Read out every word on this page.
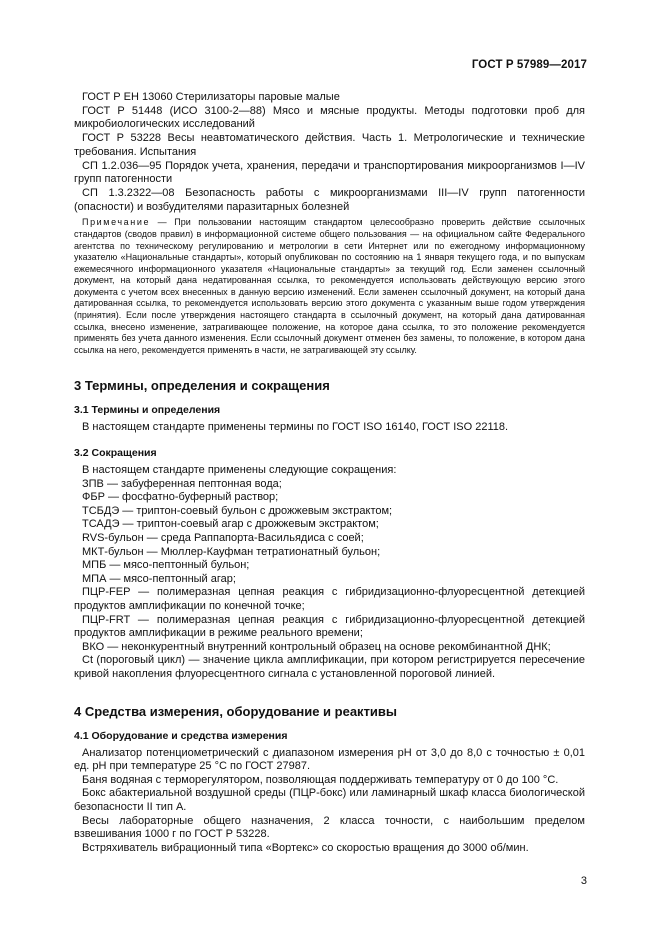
ГОСТ Р 57989—2017

ГОСТ Р ЕН 13060 Стерилизаторы паровые малые

ГОСТ Р 51448 (ИСО 3100-2—88) Мясо и мясные продукты. Методы подготовки проб для микробиологических исследований

ГОСТ Р 53228 Весы неавтоматического действия. Часть 1. Метрологические и технические требования. Испытания

СП 1.2.036—95 Порядок учета, хранения, передачи и транспортирования микроорганизмов I—IV групп патогенности

СП 1.3.2322—08 Безопасность работы с микроорганизмами III—IV групп патогенности (опасности) и возбудителями паразитарных болезней

Примечание — При пользовании настоящим стандартом целесообразно проверить действие ссылочных стандартов (сводов правил) в информационной системе общего пользования — на официальном сайте Федерального агентства по техническому регулированию и метрологии в сети Интернет или по ежегодному информационному указателю «Национальные стандарты», который опубликован по состоянию на 1 января текущего года, и по выпускам ежемесячного информационного указателя «Национальные стандарты» за текущий год. Если заменен ссылочный документ, на который дана недатированная ссылка, то рекомендуется использовать действующую версию этого документа с учетом всех внесенных в данную версию изменений. Если заменен ссылочный документ, на который дана датированная ссылка, то рекомендуется использовать версию этого документа с указанным выше годом утверждения (принятия). Если после утверждения настоящего стандарта в ссылочный документ, на который дана датированная ссылка, внесено изменение, затрагивающее положение, на которое дана ссылка, то это положение рекомендуется применять без учета данного изменения. Если ссылочный документ отменен без замены, то положение, в котором дана ссылка на него, рекомендуется применять в части, не затрагивающей эту ссылку.

3 Термины, определения и сокращения

3.1 Термины и определения

В настоящем стандарте применены термины по ГОСТ ISO 16140, ГОСТ ISO 22118.

3.2 Сокращения

В настоящем стандарте применены следующие сокращения:

ЗПВ — забуференная пептонная вода;

ФБР — фосфатно-буферный раствор;

ТСБДЭ — триптон-соевый бульон с дрожжевым экстрактом;

ТСАДЭ — триптон-соевый агар с дрожжевым экстрактом;

RVS-бульон — среда Раппапорта-Васильядиса с соей;

МКТ-бульон — Мюллер-Кауфман тетратионатный бульон;

МПБ — мясо-пептонный бульон;

МПА — мясо-пептонный агар;

ПЦР-FEP — полимеразная цепная реакция с гибридизационно-флуоресцентной детекцией продуктов амплификации по конечной точке;

ПЦР-FRT — полимеразная цепная реакция с гибридизационно-флуоресцентной детекцией продуктов амплификации в режиме реального времени;

ВКО — неконкурентный внутренний контрольный образец на основе рекомбинантной ДНК;

Ct (пороговый цикл) — значение цикла амплификации, при котором регистрируется пересечение кривой накопления флуоресцентного сигнала с установленной пороговой линией.

4 Средства измерения, оборудование и реактивы

4.1 Оборудование и средства измерения

Анализатор потенциометрический с диапазоном измерения рН от 3,0 до 8,0 с точностью ± 0,01 ед. рН при температуре 25 °С по ГОСТ 27987.

Баня водяная с терморегулятором, позволяющая поддерживать температуру от 0 до 100 °С.

Бокс абактериальной воздушной среды (ПЦР-бокс) или ламинарный шкаф класса биологической безопасности II тип А.

Весы лабораторные общего назначения, 2 класса точности, с наибольшим пределом взвешивания 1000 г по ГОСТ Р 53228.

Встряхиватель вибрационный типа «Вортекс» со скоростью вращения до 3000 об/мин.

3
